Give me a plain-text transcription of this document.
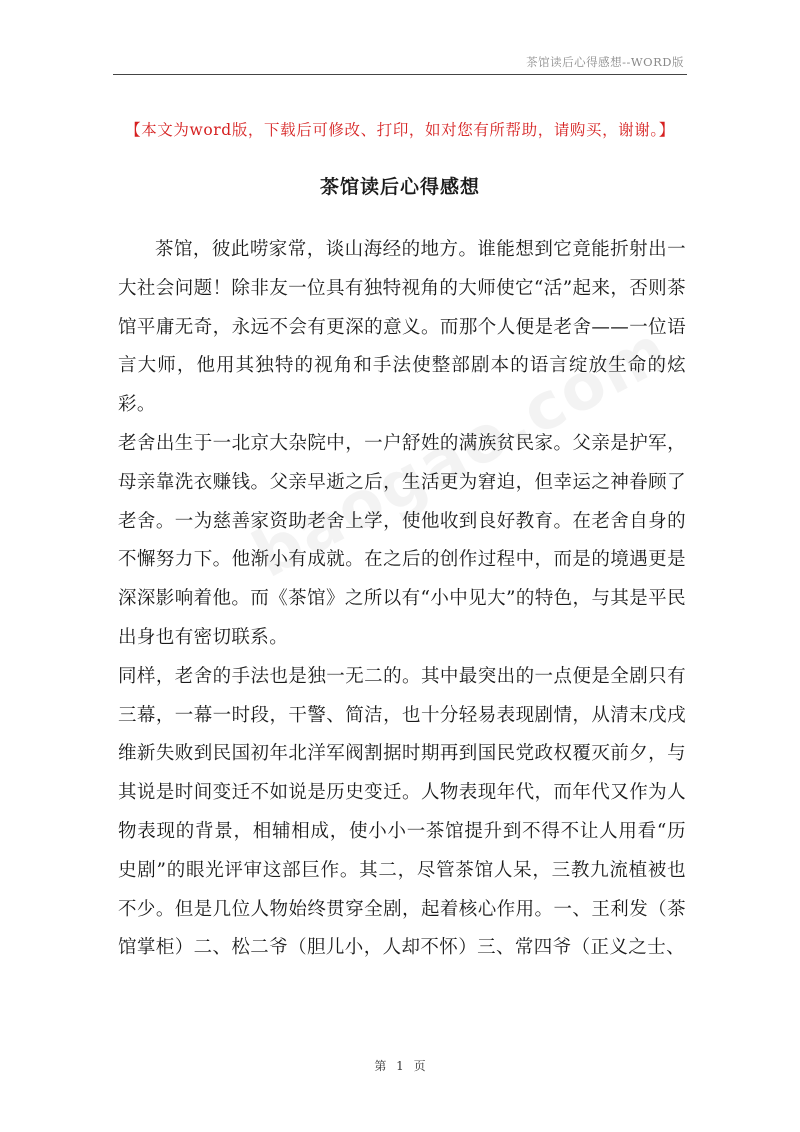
茶馆读后心得感想--WORD版
【本文为word版，下载后可修改、打印，如对您有所帮助，请购买，谢谢。】
茶馆读后心得感想

茶馆，彼此唠家常，谈山海经的地方。谁能想到它竟能折射出一大社会问题！除非友一位具有独特视角的大师使它“活”起来，否则茶馆平庸无奇，永远不会有更深的意义。而那个人便是老舍——一位语言大师，他用其独特的视角和手法使整部剧本的语言绽放生命的炫彩。

老舍出生于一北京大杂院中，一户舒姓的满族贫民家。父亲是护军，母亲靠洗衣赚钱。父亲早逝之后，生活更为窘迫，但幸运之神眷顾了老舍。一为慈善家资助老舍上学，使他收到良好教育。在老舍自身的不懈努力下。他渐小有成就。在之后的创作过程中，而是的境遇更是深深影响着他。而《茶馆》之所以有“小中见大”的特色，与其是平民出身也有密切联系。

同样，老舍的手法也是独一无二的。其中最突出的一点便是全剧只有三幕，一幕一时段，干警、简洁，也十分轻易表现剧情，从清末戊戌维新失败到民国初年北洋军阀割据时期再到国民党政权覆灭前夕，与其说是时间变迁不如说是历史变迁。人物表现年代，而年代又作为人物表现的背景，相辅相成，使小小一茶馆提升到不得不让人用看“历史剧”的眼光评审这部巨作。其二，尽管茶馆人呆，三教九流植被也不少。但是几位人物始终贯穿全剧，起着核心作用。一、王利发（茶馆掌柜）二、松二爷（胆儿小，人却不怀）三、常四爷（正义之士、

第 1 页
